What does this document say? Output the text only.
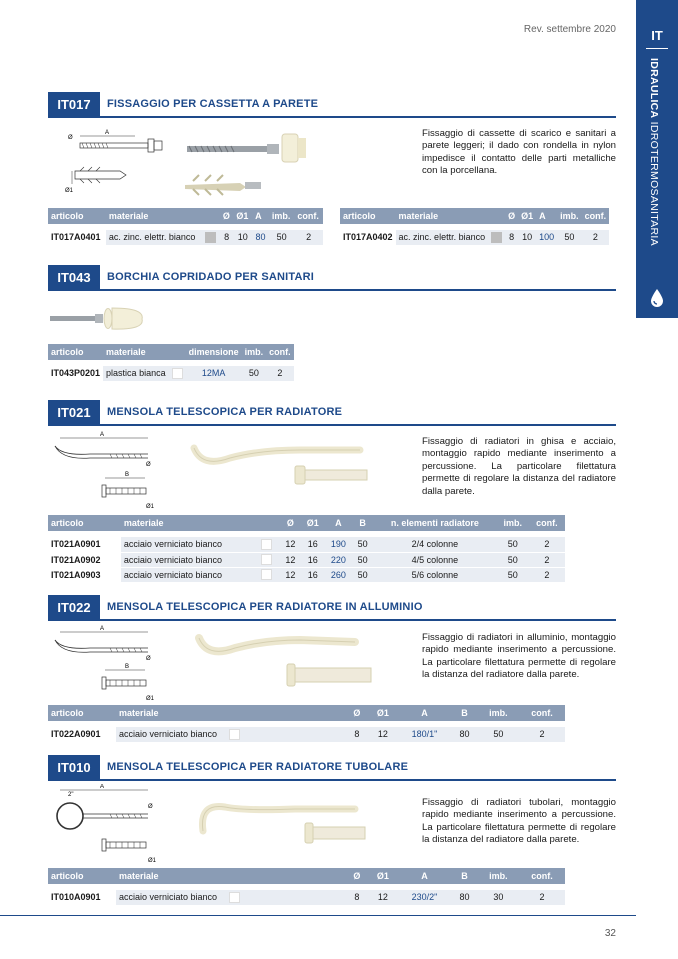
Rev. settembre 2020	IT
IDRAULICA IDROTERMOSANITARIA
IT017	FISSAGGIO PER CASSETTA A PARETE
A
Ø
Ø1
Fissaggio di cassette di scarico e sanitari a parete leggeri; il dado con rondella in nylon impedisce il contatto delle parti metalliche con la porcellana.
articolo	materiale		Ø	Ø1	A	imb.	conf.

IT017A0401	ac. zinc. elettr. bianco		8	10	80	50	2
articolo	materiale		Ø	Ø1	A	imb.	conf.

IT017A0402	ac. zinc. elettr. bianco		8	10	100	50	2
IT043	BORCHIA COPRIDADO PER SANITARI
articolo	materiale		dimensione	imb.	conf.

IT043P0201	plastica bianca		12MA	50	2
IT021	MENSOLA TELESCOPICA PER RADIATORE
A
Ø
B
Ø1
Fissaggio di radiatori in ghisa e acciaio, montaggio rapido mediante inserimento a percussione. La particolare filettatura permette di regolare la distanza del radiatore dalla parete.
articolo	materiale		Ø	Ø1	A	B	n. elementi radiatore	imb.	conf.

IT021A0901	acciaio verniciato bianco		12	16	190	50	2/4 colonne	50	2
IT021A0902	acciaio verniciato bianco		12	16	220	50	4/5 colonne	50	2
IT021A0903	acciaio verniciato bianco		12	16	260	50	5/6 colonne	50	2
IT022	MENSOLA TELESCOPICA PER RADIATORE IN ALLUMINIO
A
Ø
B
Ø1
Fissaggio di radiatori in alluminio, montaggio rapido mediante inserimento a percussione. La particolare filettatura permette di regolare la distanza del radiatore dalla parete.
articolo	materiale		Ø	Ø1	A	B	imb.	conf.

IT022A0901	acciaio verniciato bianco		8	12	180/1"	80	50	2
IT010	MENSOLA TELESCOPICA PER RADIATORE TUBOLARE
A
2"
Ø
Ø1
Fissaggio di radiatori tubolari, montaggio rapido mediante inserimento a percussione. La particolare filettatura permette di regolare la distanza del radiatore dalla parete.
articolo	materiale		Ø	Ø1	A	B	imb.	conf.

IT010A0901	acciaio verniciato bianco		8	12	230/2"	80	30	2
32
